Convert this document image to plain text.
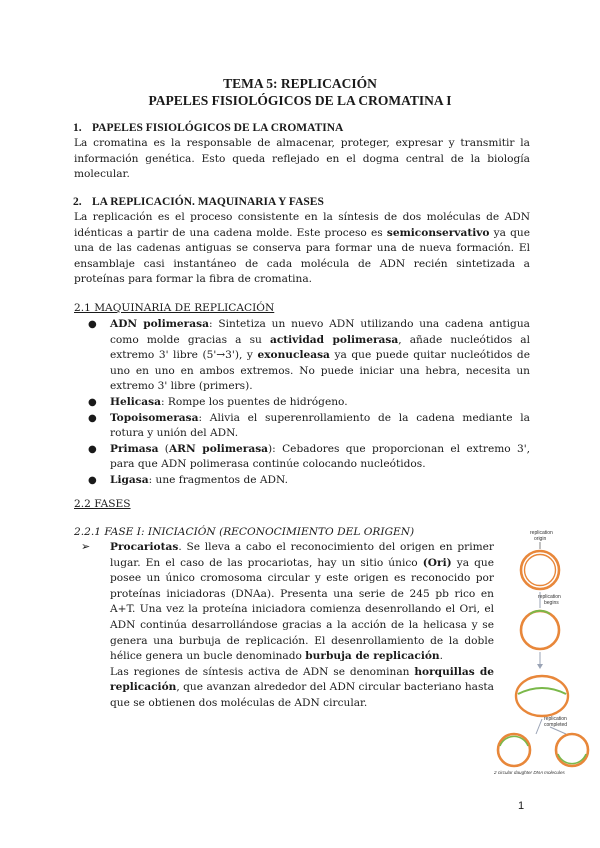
TEMA 5: REPLICACIÓN
PAPELES FISIOLÓGICOS DE LA CROMATINA I
1. PAPELES FISIOLÓGICOS DE LA CROMATINA
La cromatina es la responsable de almacenar, proteger, expresar y transmitir la información genética. Esto queda reflejado en el dogma central de la biología molecular.
2. LA REPLICACIÓN. MAQUINARIA Y FASES
La replicación es el proceso consistente en la síntesis de dos moléculas de ADN idénticas a partir de una cadena molde. Este proceso es semiconservativo ya que una de las cadenas antiguas se conserva para formar una de nueva formación. El ensamblaje casi instantáneo de cada molécula de ADN recién sintetizada a proteínas para formar la fibra de cromatina.
2.1 MAQUINARIA DE REPLICACIÓN
● ADN polimerasa: Sintetiza un nuevo ADN utilizando una cadena antigua como molde gracias a su actividad polimerasa, añade nucleótidos al extremo 3' libre (5'→3'), y exonucleasa ya que puede quitar nucleótidos de uno en uno en ambos extremos. No puede iniciar una hebra, necesita un extremo 3' libre (primers).
● Helicasa: Rompe los puentes de hidrógeno.
● Topoisomerasa: Alivia el superenrollamiento de la cadena mediante la rotura y unión del ADN.
● Primasa (ARN polimerasa): Cebadores que proporcionan el extremo 3', para que ADN polimerasa continúe colocando nucleótidos.
● Ligasa: une fragmentos de ADN.
2.2 FASES
2.2.1 FASE I: INICIACIÓN (RECONOCIMIENTO DEL ORIGEN)
➢ Procariotas. Se lleva a cabo el reconocimiento del origen en primer lugar. En el caso de las procariotas, hay un sitio único (Ori) ya que posee un único cromosoma circular y este origen es reconocido por proteínas iniciadoras (DNAa). Presenta una serie de 245 pb rico en A+T. Una vez la proteína iniciadora comienza desenrollando el Ori, el ADN continúa desarrollándose gracias a la acción de la helicasa y se genera una burbuja de replicación. El desenrollamiento de la doble hélice genera un bucle denominado burbuja de replicación.

Las regiones de síntesis activa de ADN se denominan horquillas de replicación, que avanzan alrededor del ADN circular bacteriano hasta que se obtienen dos moléculas de ADN circular.

replication
origin
replication
begins
replication
completed
2 circular daughter DNA molecules
1
